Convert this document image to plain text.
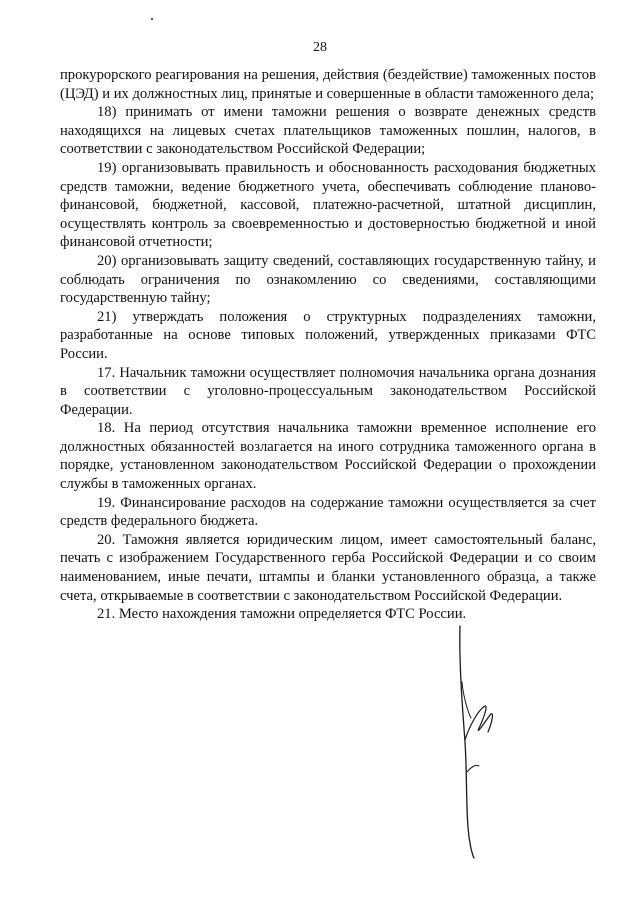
28

прокурорского реагирования на решения, действия (бездействие) таможенных постов (ЦЭД) и их должностных лиц, принятые и совершенные в области таможенного дела;

18) принимать от имени таможни решения о возврате денежных средств находящихся на лицевых счетах плательщиков таможенных пошлин, налогов, в соответствии с законодательством Российской Федерации;

19) организовывать правильность и обоснованность расходования бюджетных средств таможни, ведение бюджетного учета, обеспечивать соблюдение планово-финансовой, бюджетной, кассовой, платежно-расчетной, штатной дисциплин, осуществлять контроль за своевременностью и достоверностью бюджетной и иной финансовой отчетности;

20) организовывать защиту сведений, составляющих государственную тайну, и соблюдать ограничения по ознакомлению со сведениями, составляющими государственную тайну;

21) утверждать положения о структурных подразделениях таможни, разработанные на основе типовых положений, утвержденных приказами ФТС России.

17. Начальник таможни осуществляет полномочия начальника органа дознания в соответствии с уголовно-процессуальным законодательством Российской Федерации.

18. На период отсутствия начальника таможни временное исполнение его должностных обязанностей возлагается на иного сотрудника таможенного органа в порядке, установленном законодательством Российской Федерации о прохождении службы в таможенных органах.

19. Финансирование расходов на содержание таможни осуществляется за счет средств федерального бюджета.

20. Таможня является юридическим лицом, имеет самостоятельный баланс, печать с изображением Государственного герба Российской Федерации и со своим наименованием, иные печати, штампы и бланки установленного образца, а также счета, открываемые в соответствии с законодательством Российской Федерации.

21. Место нахождения таможни определяется ФТС России.
